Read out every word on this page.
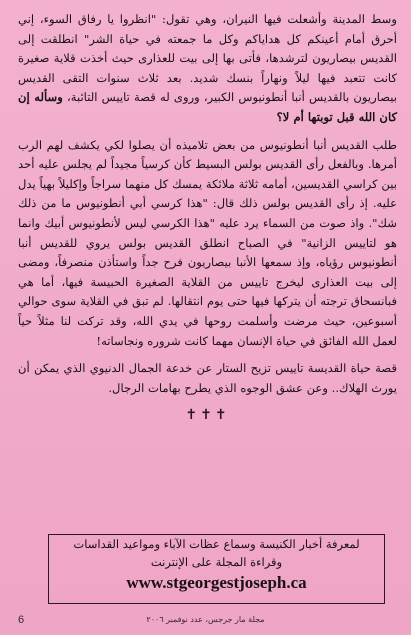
وسط المدينة وأشعلت فيها النيران، وهي تقول: "انظروا يا رفاق السوء، إني أحرق أمام أعينكم كل هداياكم وكل ما جمعته في حياة الشر" انطلقت إلى القديس بيصاريون لترشدها، فأتى بها إلى بيت للعذارى حيث أخذت قلاية صغيرة كانت تتعبد فيها ليلاً ونهاراً بنسك شديد. بعد ثلاث سنوات التقى القديس بيصاريون بالقديس أنبا أنطونيوس الكبير، وروى له قصة تاييس التائبة، وسأله إن كان الله قبل توبتها أم لا؟

طلب القديس أنبا أنطونيوس من بعض تلاميذه أن يصلوا لكي يكشف لهم الرب أمرها. وبالفعل رأى القديس بولس البسيط كأن كرسياً مجيداً لم يجلس عليه أحد بين كراسي القديسين، أمامه ثلاثة ملائكة يمسك كل منهما سراجاً وإكليلاً بهياً يدل عليه. إذ رأى القديس بولس ذلك قال: "هذا كرسي أبي أنطونيوس ما من ذلك شك". واذ صوت من السماء يرد عليه "هذا الكرسي ليس لأنطونيوس أبيك وانما هو لتاييس الزانية" في الصباح انطلق القديس بولس يروي للقديس أنبا أنطونيوس رؤياه، وإذ سمعها الأنبا بيصاريون فرح جداً واستأذن منصرفاً، ومضى إلى بيت العذارى ليخرج تاييس من القلاية الصغيرة الحبيسة فيها، أما هي فبانسحاق ترجته أن يتركها فيها حتى يوم انتقالها. لم تبق في القلاية سوى حوالي أسبوعين، حيث مرضت وأسلمت روحها في يدي الله، وقد تركت لنا مثلاً حياً لعمل الله الفائق في حياة الإنسان مهما كانت شروره ونجاساته!

قصة حياة القديسة تاييس تزيح الستار عن خدعة الجمال الدنيوي الذي يمكن أن يورث الهلاك.. وعن عشق الوجوه الذي يطرح بهامات الرجال.

✝✝✝
لمعرفة أخبار الكنيسة وسماع عظات الآباء ومواعيد القداسات
وقراءة المجلة على الإنترنت
www.stgeorgestjoseph.ca
6	مجلة مار جرجس، عدد نوفمبر ٢٠٠٦
